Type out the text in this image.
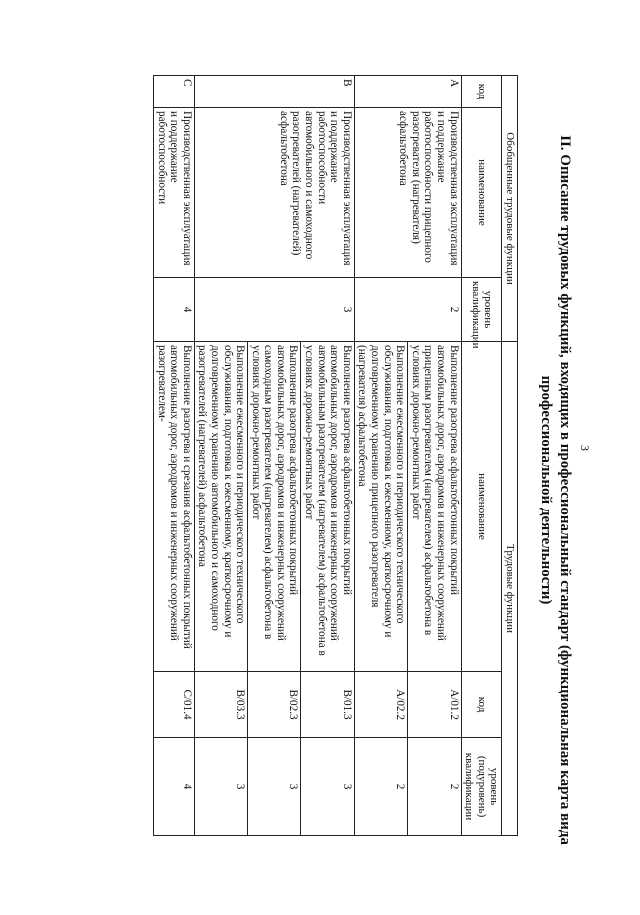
3
II. Описание трудовых функций, входящих в профессиональный стандарт (функциональная карта вида профессиональной деятельности)
Обобщенные трудовые функции			Трудовые функции		
код	наименование	уровень квалификации	наименование	код	уровень (подуровень) квалификации
A	Производственная эксплуатация и поддержание работоспособности прицепного разогревателя (нагревателя) асфальтобетона	2	Выполнение разогрева асфальтобетонных покрытий автомобильных дорог, аэродромов и инженерных сооружений прицепным разогревателем (нагревателем) асфальтобетона в условиях дорожно-ремонтных работ	A/01.2	2
			Выполнение ежесменного и периодического технического обслуживания, подготовка к ежесменному, краткосрочному и долговременному хранению прицепного разогревателя (нагревателя) асфальтобетона	A/02.2	2
B	Производственная эксплуатация и поддержание работоспособности автомобильного и самоходного разогревателей (нагревателей) асфальтобетона	3	Выполнение разогрева асфальтобетонных покрытий автомобильных дорог, аэродромов и инженерных сооружений автомобильным разогревателем (нагревателем) асфальтобетона в условиях дорожно-ремонтных работ	B/01.3	3
			Выполнение разогрева асфальтобетонных покрытий автомобильных дорог, аэродромов и инженерных сооружений самоходным разогревателем (нагревателем) асфальтобетона в условиях дорожно-ремонтных работ	B/02.3	3
			Выполнение ежесменного и периодического технического обслуживания, подготовка к ежесменному, краткосрочному и долговременному хранению автомобильного и самоходного разогревателей (нагревателей) асфальтобетона	B/03.3	3
C	Производственная эксплуатация и поддержание работоспособности	4	Выполнение разогрева и срезания асфальтобетонных покрытий автомобильных дорог, аэродромов и инженерных сооружений разогревателем-	C/01.4	4
